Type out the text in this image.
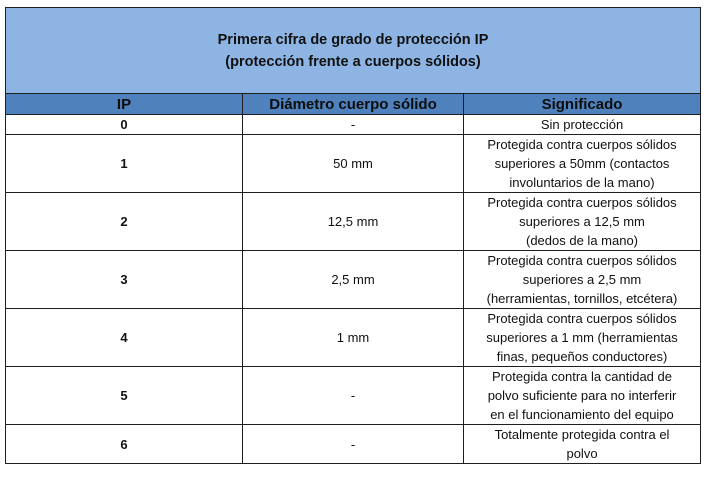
Primera cifra de grado de protección IP
(protección frente a cuerpos sólidos)		

IP	Diámetro cuerpo sólido	Significado
0	-	Sin protección

1	50 mm	Protegida contra cuerpos sólidos
superiores a 50mm (contactos
involuntarios de la mano)

2	12,5 mm	Protegida contra cuerpos sólidos
superiores a 12,5 mm
(dedos de la mano)

3	2,5 mm	Protegida contra cuerpos sólidos
superiores a 2,5 mm
(herramientas, tornillos, etcétera)

4	1 mm	Protegida contra cuerpos sólidos
superiores a 1 mm (herramientas
finas, pequeños conductores)

5	-	Protegida contra la cantidad de
polvo suficiente para no interferir
en el funcionamiento del equipo

6	-	Totalmente protegida contra el
polvo
